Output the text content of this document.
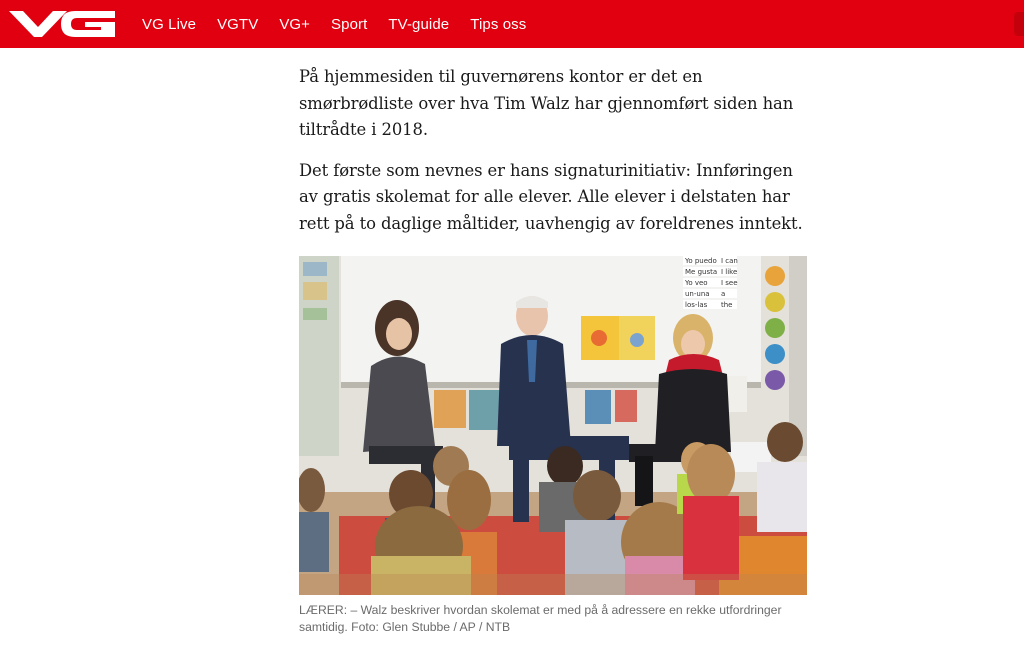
VG Live VGTV VG+ Sport TV-guide Tips oss

På hjemmesiden til guvernørens kontor er det en smørbrødliste over hva Tim Walz har gjennomført siden han tiltrådte i 2018.

Det første som nevnes er hans signaturinitiativ: Innføringen av gratis skolemat for alle elever. Alle elever i delstaten har rett på to daglige måltider, uavhengig av foreldrenes inntekt.

Yo puedo I can
Me gusta I like
Yo veo I see
un-una a
los-las the
LÆRER: – Walz beskriver hvordan skolemat er med på å adressere en rekke utfordringer samtidig. Foto: Glen Stubbe / AP / NTB
